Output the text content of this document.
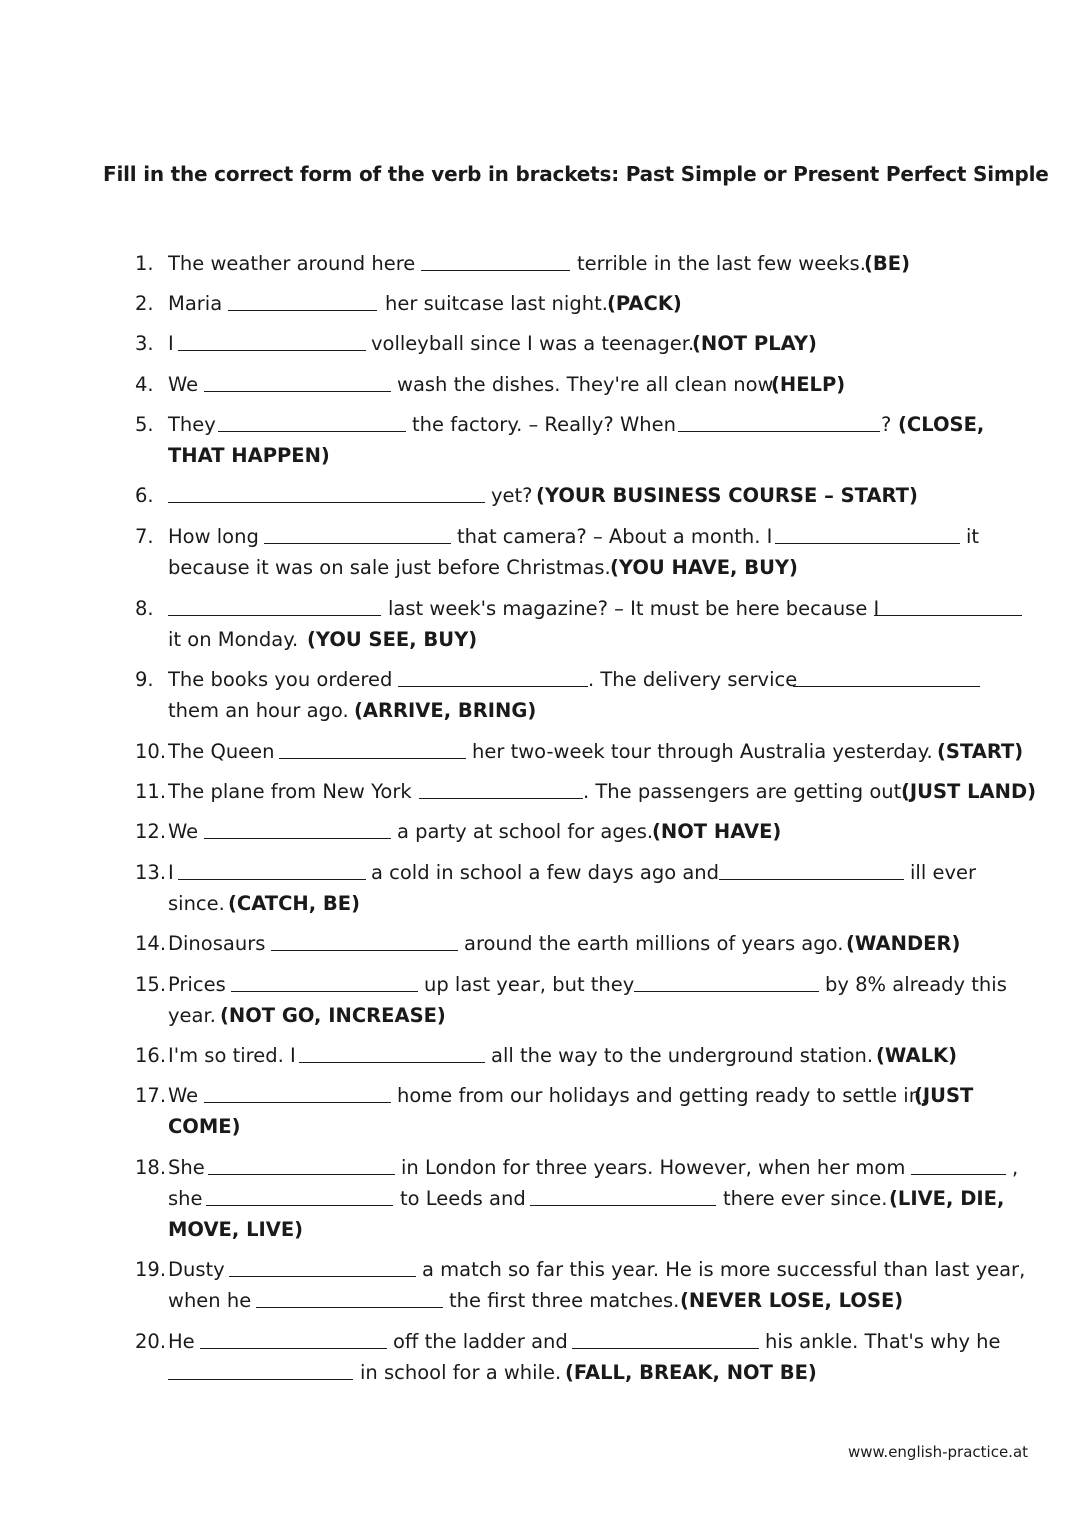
Fill in the correct form of the verb in brackets: Past Simple or Present Perfect Simple
1. The weather around here	terrible in the last few weeks.
(BE)
2. Maria	her suitcase last night. (PACK)
3. I	volleyball since I was a teenager.
(NOT PLAY)
4. We	wash the dishes. They're all clean now
(HELP)
5. They	the factory. – Really? When	? (CLOSE,
THAT HAPPEN)
6.	yet? (YOUR BUSINESS COURSE – START)
7. How long	that camera? – About a month. I	it
because it was on sale just before Christmas. (YOU HAVE, BUY)
8.	last week's magazine? – It must be here because I
it on Monday. (YOU SEE, BUY)
9. The books you ordered	. The delivery service
them an hour ago. (ARRIVE, BRING)
10. The Queen	her two-week tour through Australia yesterday. (START)
11. The plane from New York	. The passengers are getting out.
(JUST LAND)
12. We	a party at school for ages.
(NOT HAVE)
13. I	a cold in school a few days ago and	ill ever
since. (CATCH, BE)
14. Dinosaurs	around the earth millions of years ago. (WANDER)
15. Prices	up last year, but they	by 8% already this
year. (NOT GO, INCREASE)
16. I'm so tired. I	all the way to the underground station. (WALK)
17. We	home from our holidays and getting ready to settle in.
(JUST
COME)
18. She	in London for three years. However, when her mom	,
she	to Leeds and	there ever since. (LIVE, DIE,
MOVE, LIVE)
19. Dusty	a match so far this year. He is more successful than last year,
when he	the first three matches. (NEVER LOSE, LOSE)
20. He	off the ladder and	his ankle. That's why he
in school for a while. (FALL, BREAK, NOT BE)
www.english-practice.at
